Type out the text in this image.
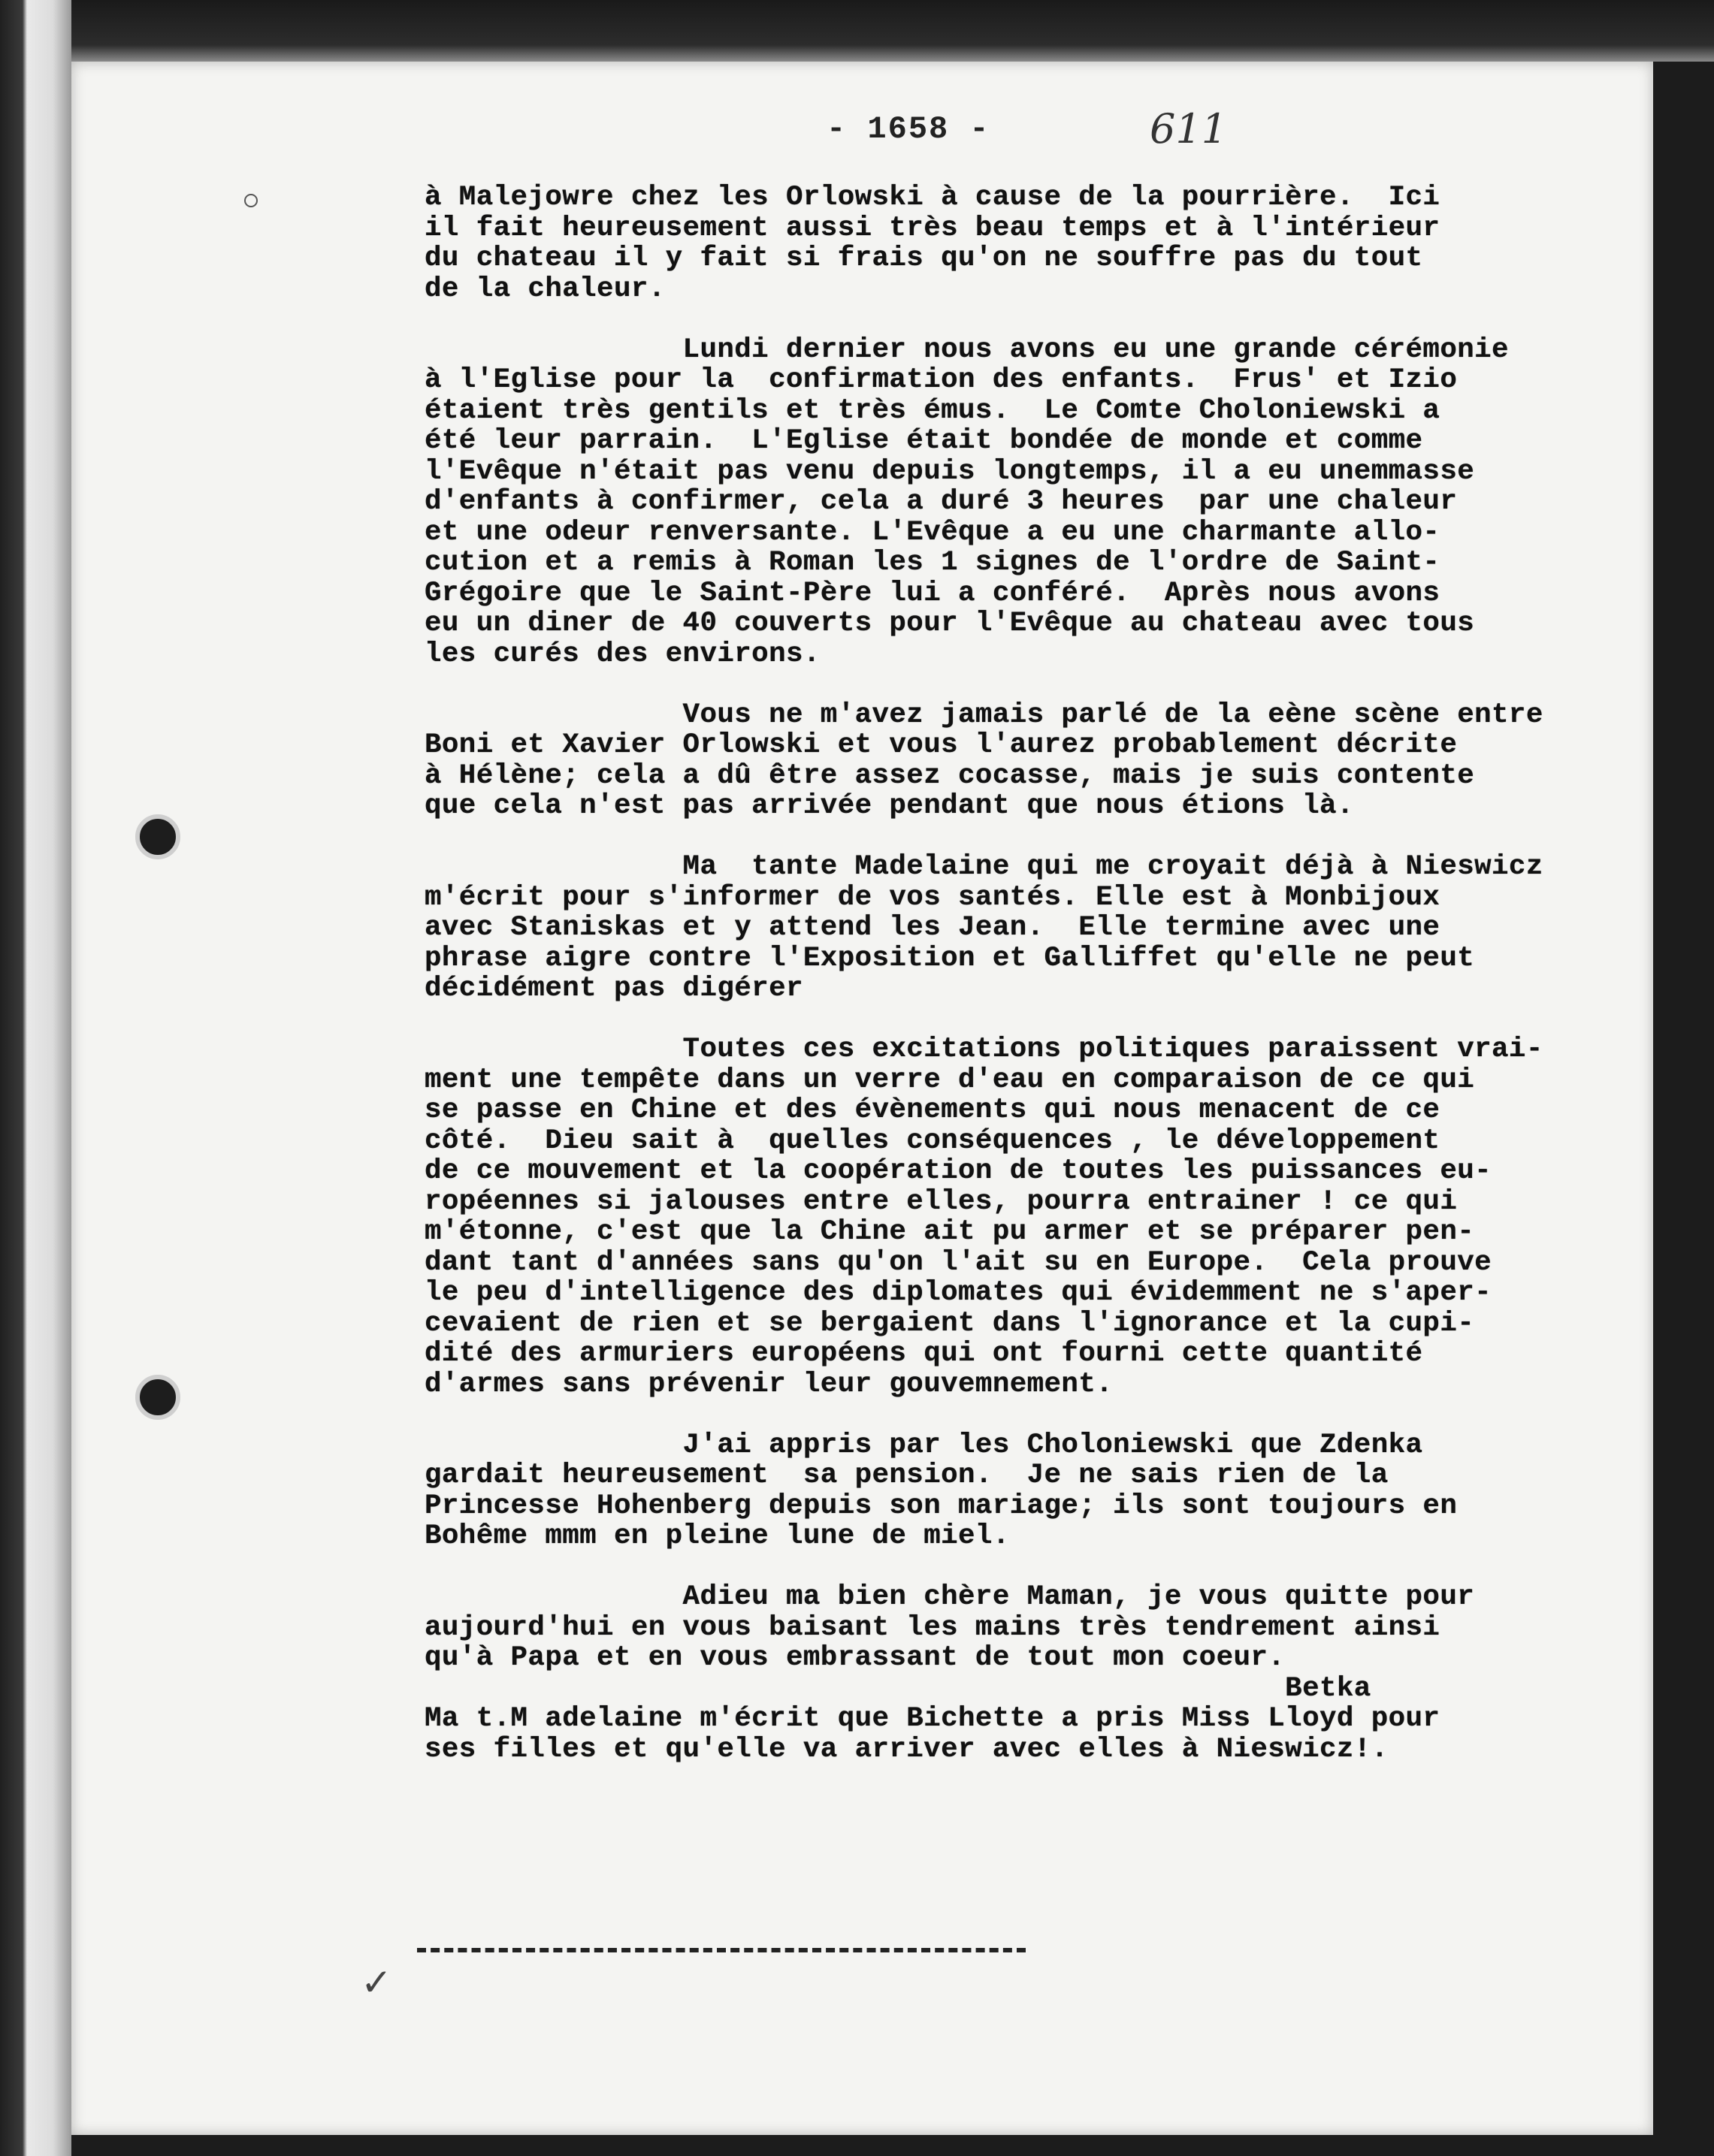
- 1658 -	611
à Malejowre chez les Orlowski à cause de la pourrière.  Ici
il fait heureusement aussi très beau temps et à l'intérieur
du chateau il y fait si frais qu'on ne souffre pas du tout
de la chaleur.

Lundi dernier nous avons eu une grande cérémonie
à l'Eglise pour la  confirmation des enfants.  Frus' et Izio
étaient très gentils et très émus.  Le Comte Choloniewski a
été leur parrain.  L'Eglise était bondée de monde et comme
l'Evêque n'était pas venu depuis longtemps, il a eu unemmasse
d'enfants à confirmer, cela a duré 3 heures  par une chaleur
et une odeur renversante. L'Evêque a eu une charmante allo-
cution et a remis à Roman les 1 signes de l'ordre de Saint-
Grégoire que le Saint-Père lui a conféré.  Après nous avons
eu un diner de 40 couverts pour l'Evêque au chateau avec tous
les curés des environs.

Vous ne m'avez jamais parlé de la eène scène entre
Boni et Xavier Orlowski et vous l'aurez probablement décrite
à Hélène; cela a dû être assez cocasse, mais je suis contente
que cela n'est pas arrivée pendant que nous étions là.

Ma  tante Madelaine qui me croyait déjà à Nieswicz
m'écrit pour s'informer de vos santés. Elle est à Monbijoux
avec Staniskas et y attend les Jean.  Elle termine avec une
phrase aigre contre l'Exposition et Galliffet qu'elle ne peut
décidément pas digérer

Toutes ces excitations politiques paraissent vrai-
ment une tempête dans un verre d'eau en comparaison de ce qui
se passe en Chine et des évènements qui nous menacent de ce
côté.  Dieu sait à  quelles conséquences , le développement
de ce mouvement et la coopération de toutes les puissances eu-
ropéennes si jalouses entre elles, pourra entrainer ! ce qui
m'étonne, c'est que la Chine ait pu armer et se préparer pen-
dant tant d'années sans qu'on l'ait su en Europe.  Cela prouve
le peu d'intelligence des diplomates qui évidemment ne s'aper-
cevaient de rien et se bergaient dans l'ignorance et la cupi-
dité des armuriers européens qui ont fourni cette quantité
d'armes sans prévenir leur gouvemnement.

J'ai appris par les Choloniewski que Zdenka
gardait heureusement  sa pension.  Je ne sais rien de la
Princesse Hohenberg depuis son mariage; ils sont toujours en
Bohême mmm en pleine lune de miel.

Adieu ma bien chère Maman, je vous quitte pour
aujourd'hui en vous baisant les mains très tendrement ainsi
qu'à Papa et en vous embrassant de tout mon coeur.
Betka
Ma t.M adelaine m'écrit que Bichette a pris Miss Lloyd pour
ses filles et qu'elle va arriver avec elles à Nieswicz!.
✓
